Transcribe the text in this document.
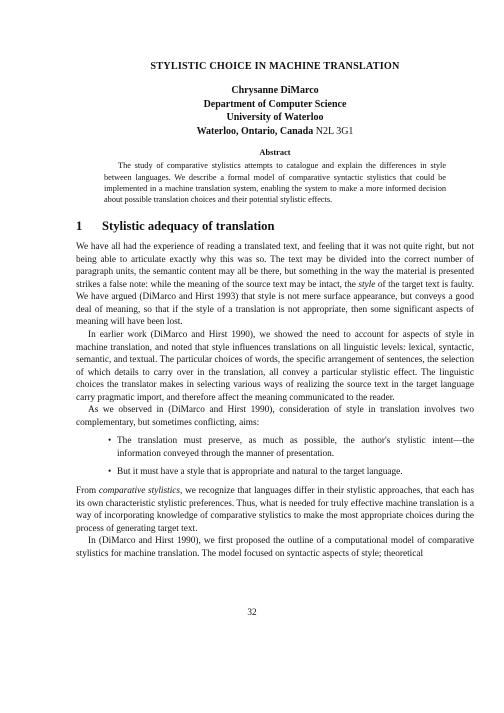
STYLISTIC CHOICE IN MACHINE TRANSLATION
Chrysanne DiMarco
Department of Computer Science
University of Waterloo
Waterloo, Ontario, Canada N2L 3G1
Abstract
The study of comparative stylistics attempts to catalogue and explain the differences in style between languages. We describe a formal model of comparative syntactic stylistics that could be implemented in a machine translation system, enabling the system to make a more informed decision about possible translation choices and their potential stylistic effects.
1	Stylistic adequacy of translation

We have all had the experience of reading a translated text, and feeling that it was not quite right, but not being able to articulate exactly why this was so. The text may be divided into the correct number of paragraph units, the semantic content may all be there, but something in the way the material is presented strikes a false note: while the meaning of the source text may be intact, the style of the target text is faulty. We have argued (DiMarco and Hirst 1993) that style is not mere surface appearance, but conveys a good deal of meaning, so that if the style of a translation is not appropriate, then some significant aspects of meaning will have been lost.

In earlier work (DiMarco and Hirst 1990), we showed the need to account for aspects of style in machine translation, and noted that style influences translations on all linguistic levels: lexical, syntactic, semantic, and textual. The particular choices of words, the specific arrangement of sentences, the selection of which details to carry over in the translation, all convey a particular stylistic effect. The linguistic choices the translator makes in selecting various ways of realizing the source text in the target language carry pragmatic import, and therefore affect the meaning communicated to the reader.

As we observed in (DiMarco and Hirst 1990), consideration of style in translation involves two complementary, but sometimes conflicting, aims:

• The translation must preserve, as much as possible, the author's stylistic intent—the information conveyed through the manner of presentation.
• But it must have a style that is appropriate and natural to the target language.

From comparative stylistics, we recognize that languages differ in their stylistic approaches, that each has its own characteristic stylistic preferences. Thus, what is needed for truly effective machine translation is a way of incorporating knowledge of comparative stylistics to make the most appropriate choices during the process of generating target text.

In (DiMarco and Hirst 1990), we first proposed the outline of a computational model of comparative stylistics for machine translation. The model focused on syntactic aspects of style; theoretical

32
